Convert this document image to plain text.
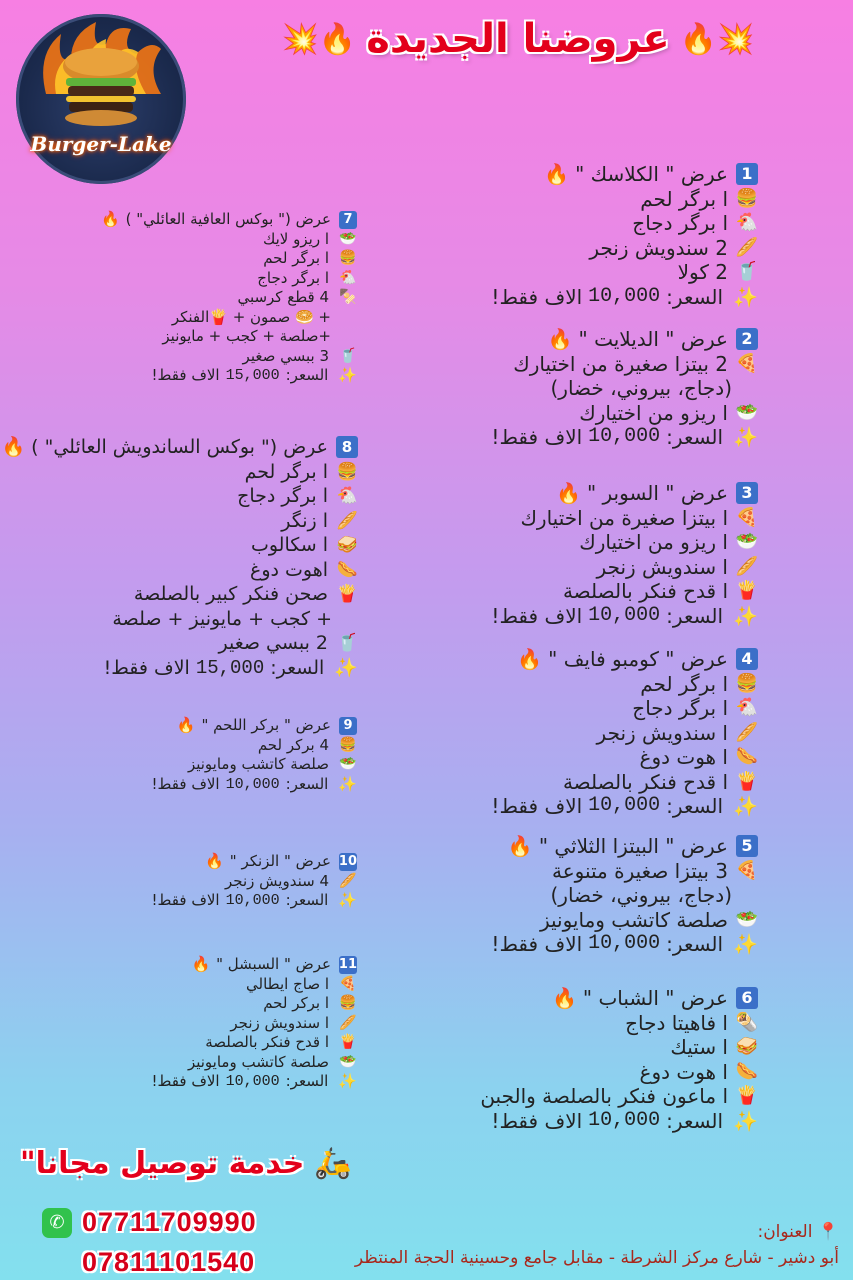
Burger-Lake
💥🔥
عروضنا الجديدة
🔥💥
1
عرض " الكلاسك "
🔥
🍔
ا برگر لحم
🐔
ا برگر دجاج
🥖
2 سندويش زنجر
🥤
2 كولا
✨
السعر:
10,000
الاف فقط!
2
عرض " الديلايت "
🔥
🍕
2 بيتزا صغيرة من اختيارك
(دجاج، بيروني، خضار)
🥗
ا ريزو من اختيارك
✨
السعر:
10,000
الاف فقط!
3
عرض " السوبر "
🔥
🍕
ا بيتزا صغيرة من اختيارك
🥗
ا ريزو من اختيارك
🥖
ا سندويش زنجر
🍟
ا قدح فنكر بالصلصة
✨
السعر:
10,000
الاف فقط!
4
عرض " كومبو فايف "
🔥
🍔
ا برگر لحم
🐔
ا برگر دجاج
🥖
ا سندويش زنجر
🌭
ا هوت دوغ
🍟
ا قدح فنكر بالصلصة
✨
السعر:
10,000
الاف فقط!
5
عرض " البيتزا الثلاثي "
🔥
🍕
3 بيتزا صغيرة متنوعة
(دجاج، بيروني، خضار)
🥗
صلصة كاتشب ومايونيز
✨
السعر:
10,000
الاف فقط!
6
عرض " الشباب "
🔥
🌯
ا فاهيتا دجاج
🥪
ا ستيك
🌭
ا هوت دوغ
🍟
ا ماعون فنكر بالصلصة والجبن
✨
السعر:
10,000
الاف فقط!
7
عرض (" بوكس العافية العائلي" )
🔥
🥗
ا ريزو لايك
🍔
ا برگر لحم
🐔
ا برگر دجاج
🍢
4 قطع كرسبي
+ 🥯 صمون + 🍟الفنكر
+صلصة + كجب + مايونيز
🥤
3 ببسي صغير
✨
السعر:
15,000
الاف فقط!
8
عرض (" بوكس الساندويش العائلي" )
🔥
🍔
ا برگر لحم
🐔
ا برگر دجاج
🥖
ا زنگر
🥪
ا سكالوب
🌭
اهوت دوغ
🍟
صحن فنكر كبير بالصلصة
+ كجب + مايونيز + صلصة
🥤
2 ببسي صغير
✨
السعر:
15,000
الاف فقط!
9
عرض " بركر اللحم "
🔥
🍔
4 بركر لحم
🥗
صلصة كاتشب ومايونيز
✨
السعر:
10,000
الاف فقط!
10
عرض " الزنكر "
🔥
🥖
4 سندويش زنجر
✨
السعر:
10,000
الاف فقط!
11
عرض " السبشل "
🔥
🍕
ا صاج ايطالي
🍔
ا بركر لحم
🥖
ا سندويش زنجر
🍟
ا قدح فنكر بالصلصة
🥗
صلصة كاتشب ومايونيز
✨
السعر:
10,000
الاف فقط!
🛵
خدمة توصيل مجانا"
✆ 07711709990
07811101540
📍 العنوان:
أبو دشير - شارع مركز الشرطة - مقابل جامع وحسينية الحجة المنتظر
